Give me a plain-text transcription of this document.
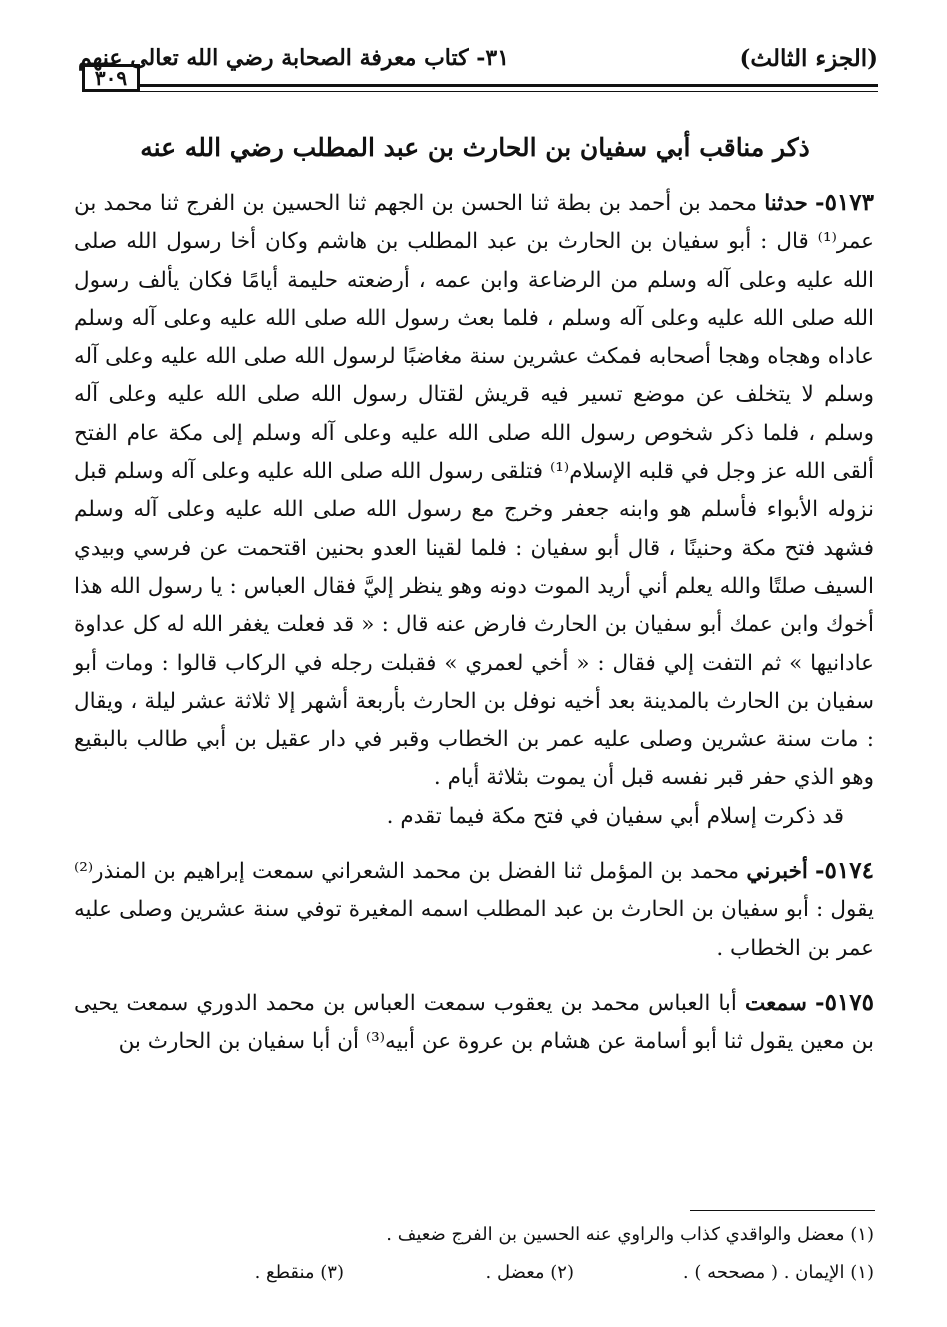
(الجزء الثالث)
٣١- كتاب معرفة الصحابة رضي الله تعالى عنهم
٣٠٩
ذكر مناقب أبي سفيان بن الحارث بن عبد المطلب رضي الله عنه

٥١٧٣- حدثنا محمد بن أحمد بن بطة ثنا الحسن بن الجهم ثنا الحسين بن الفرج ثنا محمد بن عمر⁽¹⁾ قال : أبو سفيان بن الحارث بن عبد المطلب بن هاشم وكان أخا رسول الله صلى الله عليه وعلى آله وسلم من الرضاعة وابن عمه ، أرضعته حليمة أيامًا فكان يألف رسول الله صلى الله عليه وعلى آله وسلم ، فلما بعث رسول الله صلى الله عليه وعلى آله وسلم عاداه وهجاه وهجا أصحابه فمكث عشرين سنة مغاضبًا لرسول الله صلى الله عليه وعلى آله وسلم لا يتخلف عن موضع تسير فيه قريش لقتال رسول الله صلى الله عليه وعلى آله وسلم ، فلما ذكر شخوص رسول الله صلى الله عليه وعلى آله وسلم إلى مكة عام الفتح ألقى الله عز وجل في قلبه الإسلام⁽¹⁾ فتلقى رسول الله صلى الله عليه وعلى آله وسلم قبل نزوله الأبواء فأسلم هو وابنه جعفر وخرج مع رسول الله صلى الله عليه وعلى آله وسلم فشهد فتح مكة وحنينًا ، قال أبو سفيان : فلما لقينا العدو بحنين اقتحمت عن فرسي وبيدي السيف صلتًا والله يعلم أني أريد الموت دونه وهو ينظر إليَّ فقال العباس : يا رسول الله هذا أخوك وابن عمك أبو سفيان بن الحارث فارض عنه قال : « قد فعلت يغفر الله له كل عداوة عادانيها » ثم التفت إلي فقال : « أخي لعمري » فقبلت رجله في الركاب قالوا : ومات أبو سفيان بن الحارث بالمدينة بعد أخيه نوفل بن الحارث بأربعة أشهر إلا ثلاثة عشر ليلة ، ويقال : مات سنة عشرين وصلى عليه عمر بن الخطاب وقبر في دار عقيل بن أبي طالب بالبقيع وهو الذي حفر قبر نفسه قبل أن يموت بثلاثة أيام .

قد ذكرت إسلام أبي سفيان في فتح مكة فيما تقدم .

٥١٧٤- أخبرني محمد بن المؤمل ثنا الفضل بن محمد الشعراني سمعت إبراهيم بن المنذر⁽²⁾ يقول : أبو سفيان بن الحارث بن عبد المطلب اسمه المغيرة توفي سنة عشرين وصلى عليه عمر بن الخطاب .

٥١٧٥- سمعت أبا العباس محمد بن يعقوب سمعت العباس بن محمد الدوري سمعت يحيى بن معين يقول ثنا أبو أسامة عن هشام بن عروة عن أبيه⁽³⁾ أن أبا سفيان بن الحارث بن

(١) معضل والواقدي كذاب والراوي عنه الحسين بن الفرج ضعيف .
(١) الإيمان . ( مصححه ) .
(٢) معضل .
(٣) منقطع .
